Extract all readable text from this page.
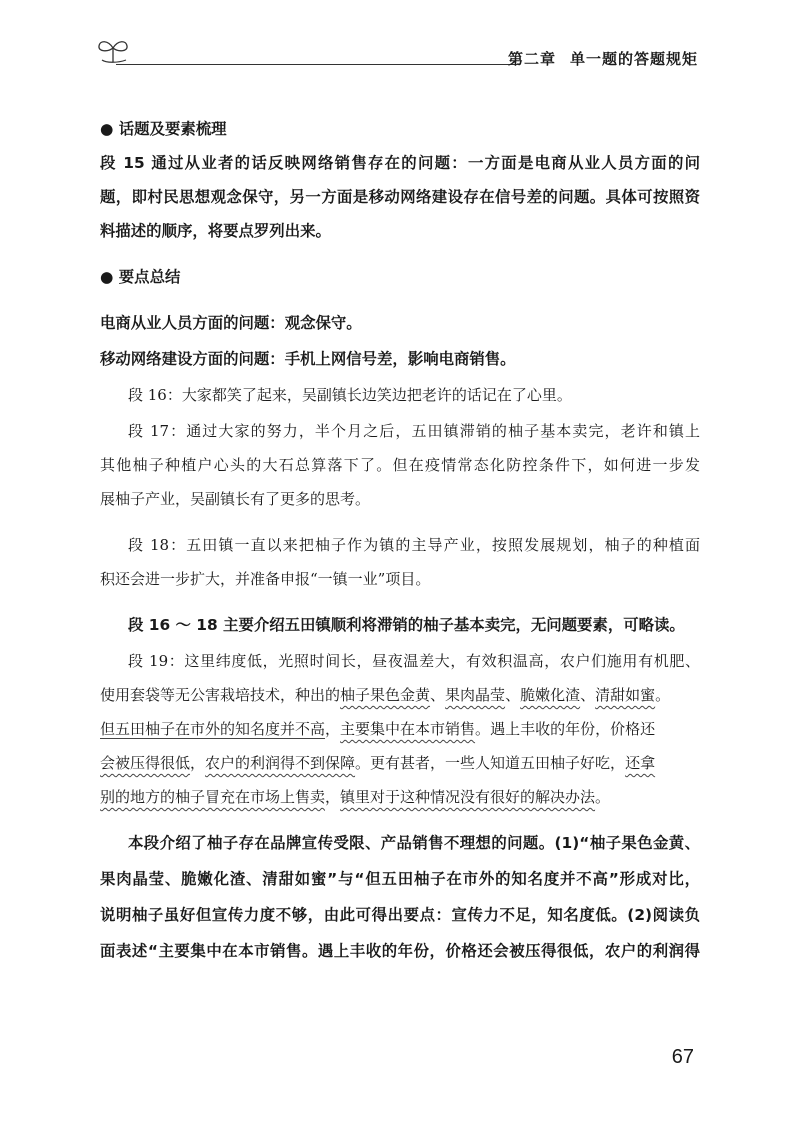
第二章 单一题的答题规矩
● 话题及要素梳理
段 15 通过从业者的话反映网络销售存在的问题：一方面是电商从业人员方面的问
题，即村民思想观念保守，另一方面是移动网络建设存在信号差的问题。具体可按照资
料描述的顺序，将要点罗列出来。
● 要点总结
电商从业人员方面的问题：观念保守。
移动网络建设方面的问题：手机上网信号差，影响电商销售。
段 16：大家都笑了起来，吴副镇长边笑边把老许的话记在了心里。
段 17：通过大家的努力，半个月之后，五田镇滞销的柚子基本卖完，老许和镇上
其他柚子种植户心头的大石总算落下了。但在疫情常态化防控条件下，如何进一步发
展柚子产业，吴副镇长有了更多的思考。
段 18：五田镇一直以来把柚子作为镇的主导产业，按照发展规划，柚子的种植面
积还会进一步扩大，并准备申报“一镇一业”项目。
段 16 ～ 18 主要介绍五田镇顺利将滞销的柚子基本卖完，无问题要素，可略读。
段 19：这里纬度低，光照时间长，昼夜温差大，有效积温高，农户们施用有机肥、
使用套袋等无公害栽培技术，种出的柚子果色金黄、果肉晶莹、脆嫩化渣、清甜如蜜。
但五田柚子在市外的知名度并不高，主要集中在本市销售。遇上丰收的年份，价格还
会被压得很低，农户的利润得不到保障。更有甚者，一些人知道五田柚子好吃，还拿
别的地方的柚子冒充在市场上售卖，镇里对于这种情况没有很好的解决办法。
本段介绍了柚子存在品牌宣传受限、产品销售不理想的问题。(1)“柚子果色金黄、
果肉晶莹、脆嫩化渣、清甜如蜜”与“但五田柚子在市外的知名度并不高”形成对比，
说明柚子虽好但宣传力度不够，由此可得出要点：宣传力不足，知名度低。(2)阅读负
面表述“主要集中在本市销售。遇上丰收的年份，价格还会被压得很低，农户的利润得
67
